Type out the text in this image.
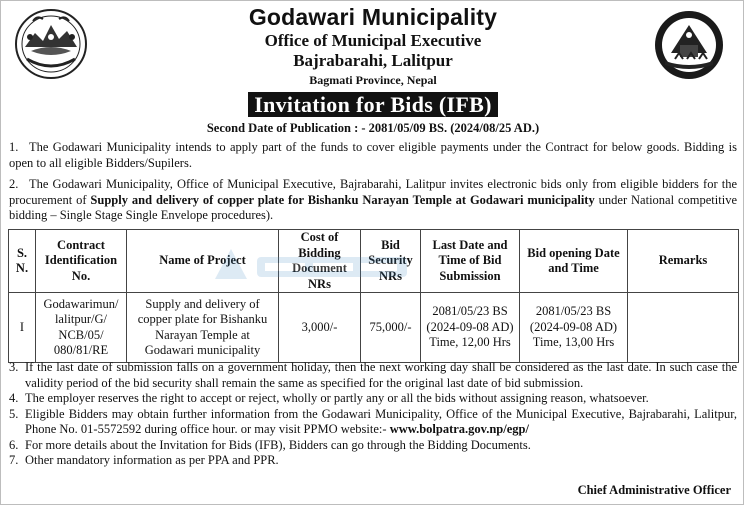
Godawari Municipality
Office of Municipal Executive
Bajrabarahi, Lalitpur
Bagmati Province, Nepal
Invitation for Bids (IFB)
Second Date of Publication : - 2081/05/09 BS. (2024/08/25 AD.)
1. The Godawari Municipality intends to apply part of the funds to cover eligible payments under the Contract for below goods. Bidding is open to all eligible Bidders/Supilers.
2. The Godawari Municipality, Office of Municipal Executive, Bajrabarahi, Lalitpur invites electronic bids only from eligible bidders for the procurement of Supply and delivery of copper plate for Bishanku Narayan Temple at Godawari municipality under National competitive bidding – Single Stage Single Envelope procedures).
S. N.	Contract Identification No.	Name of Project	Cost of Bidding Document NRs	Bid Security NRs	Last Date and Time of Bid Submission	Bid opening Date and Time	Remarks
I	Godawarimun/ lalitpur/G/ NCB/05/ 080/81/RE	Supply and delivery of copper plate for Bishanku Narayan Temple at Godawari municipality	3,000/-	75,000/-	2081/05/23 BS (2024-09-08 AD) Time, 12,00 Hrs	2081/05/23 BS (2024-09-08 AD) Time, 13,00 Hrs	
3. If the last date of submission falls on a government holiday, then the next working day shall be considered as the last date. In such case the validity period of the bid security shall remain the same as specified for the original last date of bid submission.
4. The employer reserves the right to accept or reject, wholly or partly any or all the bids without assigning reason, whatsoever.
5. Eligible Bidders may obtain further information from the Godawari Municipality, Office of the Municipal Executive, Bajrabarahi, Lalitpur, Phone No. 01-5572592 during office hour. or may visit PPMO website:- www.bolpatra.gov.np/egp/
6. For more details about the Invitation for Bids (IFB), Bidders can go through the Bidding Documents.
7. Other mandatory information as per PPA and PPR.
Chief Administrative Officer
